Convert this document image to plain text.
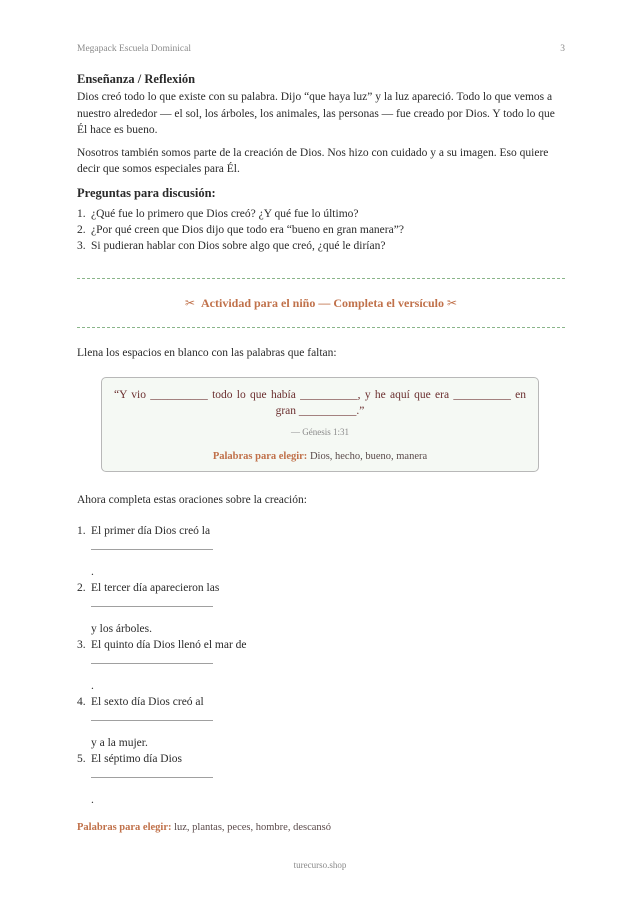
Megapack Escuela Dominical	3
Enseñanza / Reflexión

Dios creó todo lo que existe con su palabra. Dijo “que haya luz” y la luz apareció. Todo lo que vemos a nuestro alrededor — el sol, los árboles, los animales, las personas — fue creado por Dios. Y todo lo que Él hace es bueno.

Nosotros también somos parte de la creación de Dios. Nos hizo con cuidado y a su imagen. Eso quiere decir que somos especiales para Él.

Preguntas para discusión:
1. ¿Qué fue lo primero que Dios creó? ¿Y qué fue lo último?
2. ¿Por qué creen que Dios dijo que todo era “bueno en gran manera”?
3. Si pudieran hablar con Dios sobre algo que creó, ¿qué le dirían?
✂ Actividad para el niño — Completa el versículo ✂

Llena los espacios en blanco con las palabras que faltan:

“Y vio __________ todo lo que había __________, y he aquí que era __________ en gran __________.”
— Génesis 1:31
Palabras para elegir: Dios, hecho, bueno, manera

Ahora completa estas oraciones sobre la creación:

1. El primer día Dios creó la
.
2. El tercer día aparecieron las
y los árboles.
3. El quinto día Dios llenó el mar de
.
4. El sexto día Dios creó al
y a la mujer.
5. El séptimo día Dios
.
Palabras para elegir: luz, plantas, peces, hombre, descansó
turecurso.shop
